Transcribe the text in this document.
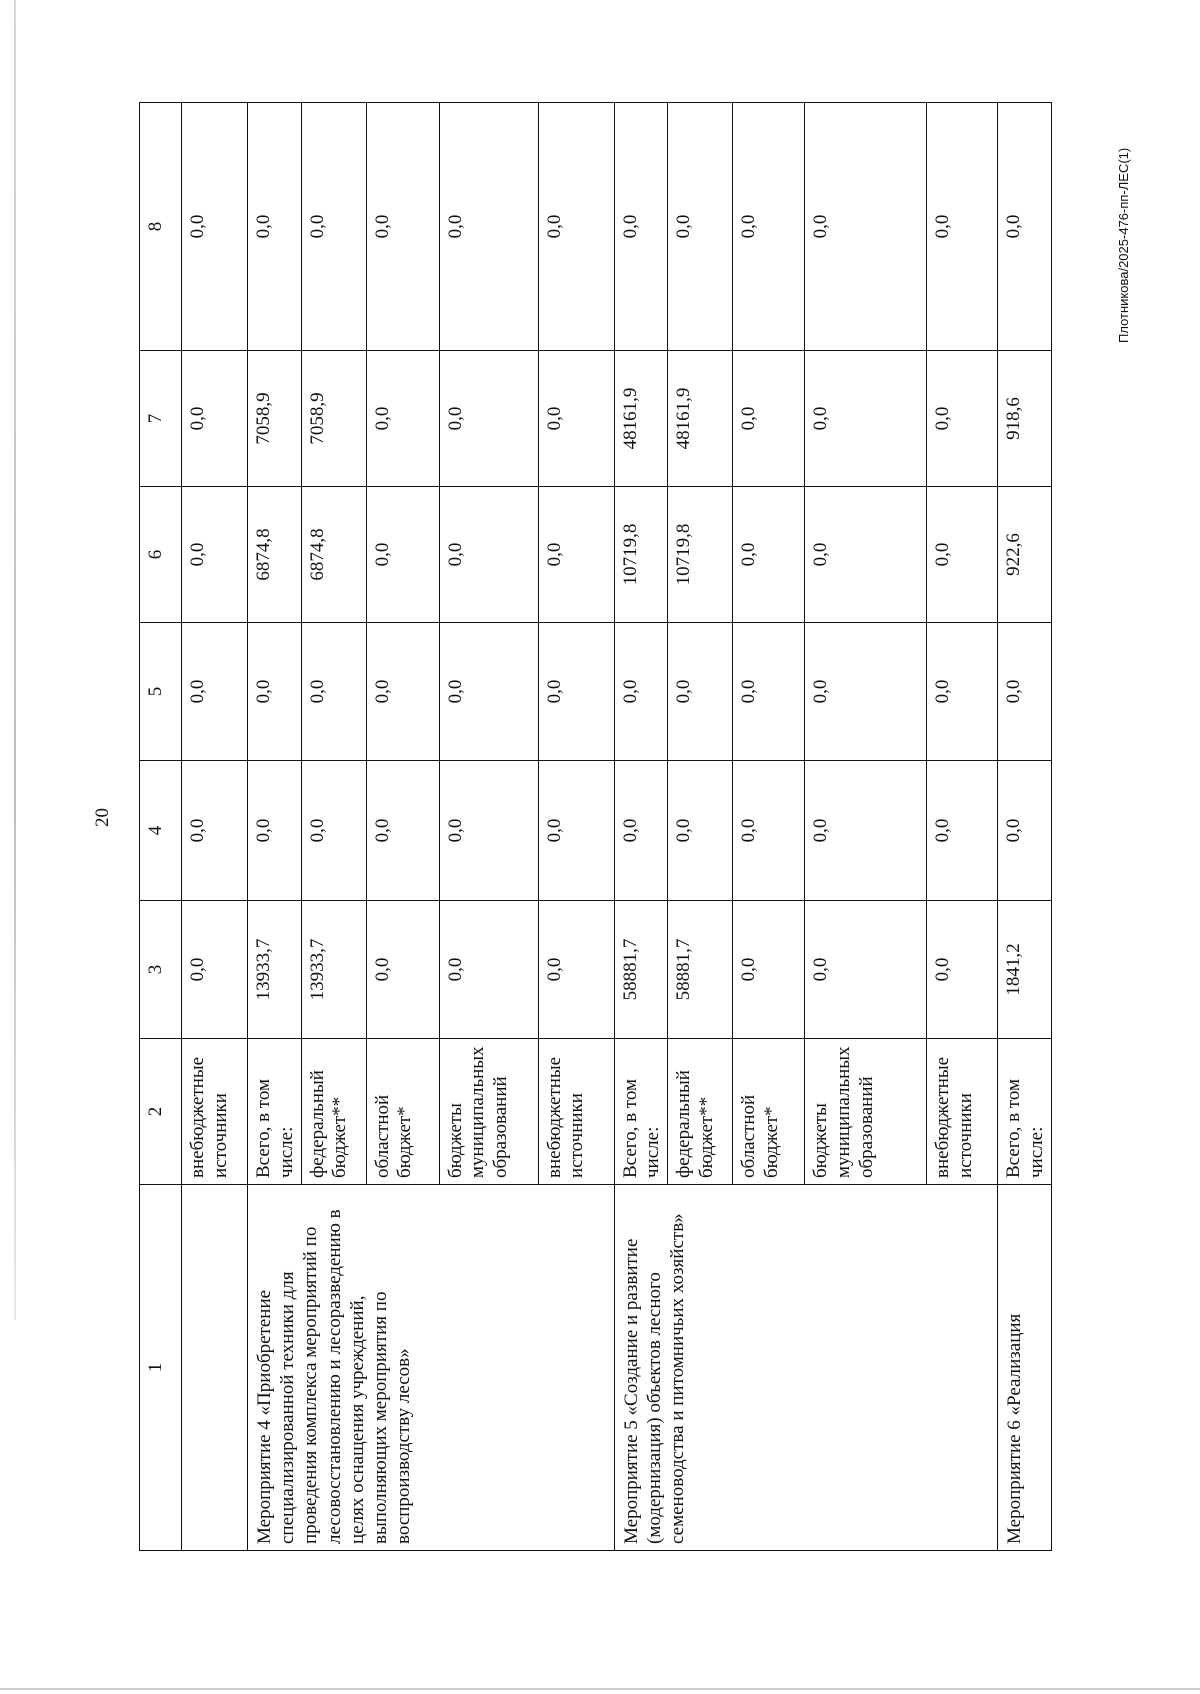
20
Плотникова/2025-476-пп-ЛЕС(1)
1	2	3	4	5	6	7	8
	внебюджетные источники	0,0	0,0	0,0	0,0	0,0	0,0
Мероприятие 4 «Приобретение специализированной техники для проведения комплекса мероприятий по лесовосстановлению и лесоразведению в целях оснащения учреждений, выполняющих мероприятия по воспроизводству лесов»	Всего, в том числе:	13933,7	0,0	0,0	6874,8	7058,9	0,0
	федеральный бюджет**	13933,7	0,0	0,0	6874,8	7058,9	0,0
	областной бюджет*	0,0	0,0	0,0	0,0	0,0	0,0
	бюджеты муниципальных образований	0,0	0,0	0,0	0,0	0,0	0,0
	внебюджетные источники	0,0	0,0	0,0	0,0	0,0	0,0
Мероприятие 5 «Создание и развитие (модернизация) объектов лесного семеноводства и питомничьих хозяйств»	Всего, в том числе:	58881,7	0,0	0,0	10719,8	48161,9	0,0
	федеральный бюджет**	58881,7	0,0	0,0	10719,8	48161,9	0,0
	областной бюджет*	0,0	0,0	0,0	0,0	0,0	0,0
	бюджеты муниципальных образований	0,0	0,0	0,0	0,0	0,0	0,0
	внебюджетные источники	0,0	0,0	0,0	0,0	0,0	0,0
Мероприятие 6 «Реализация	Всего, в том числе:	1841,2	0,0	0,0	922,6	918,6	0,0
